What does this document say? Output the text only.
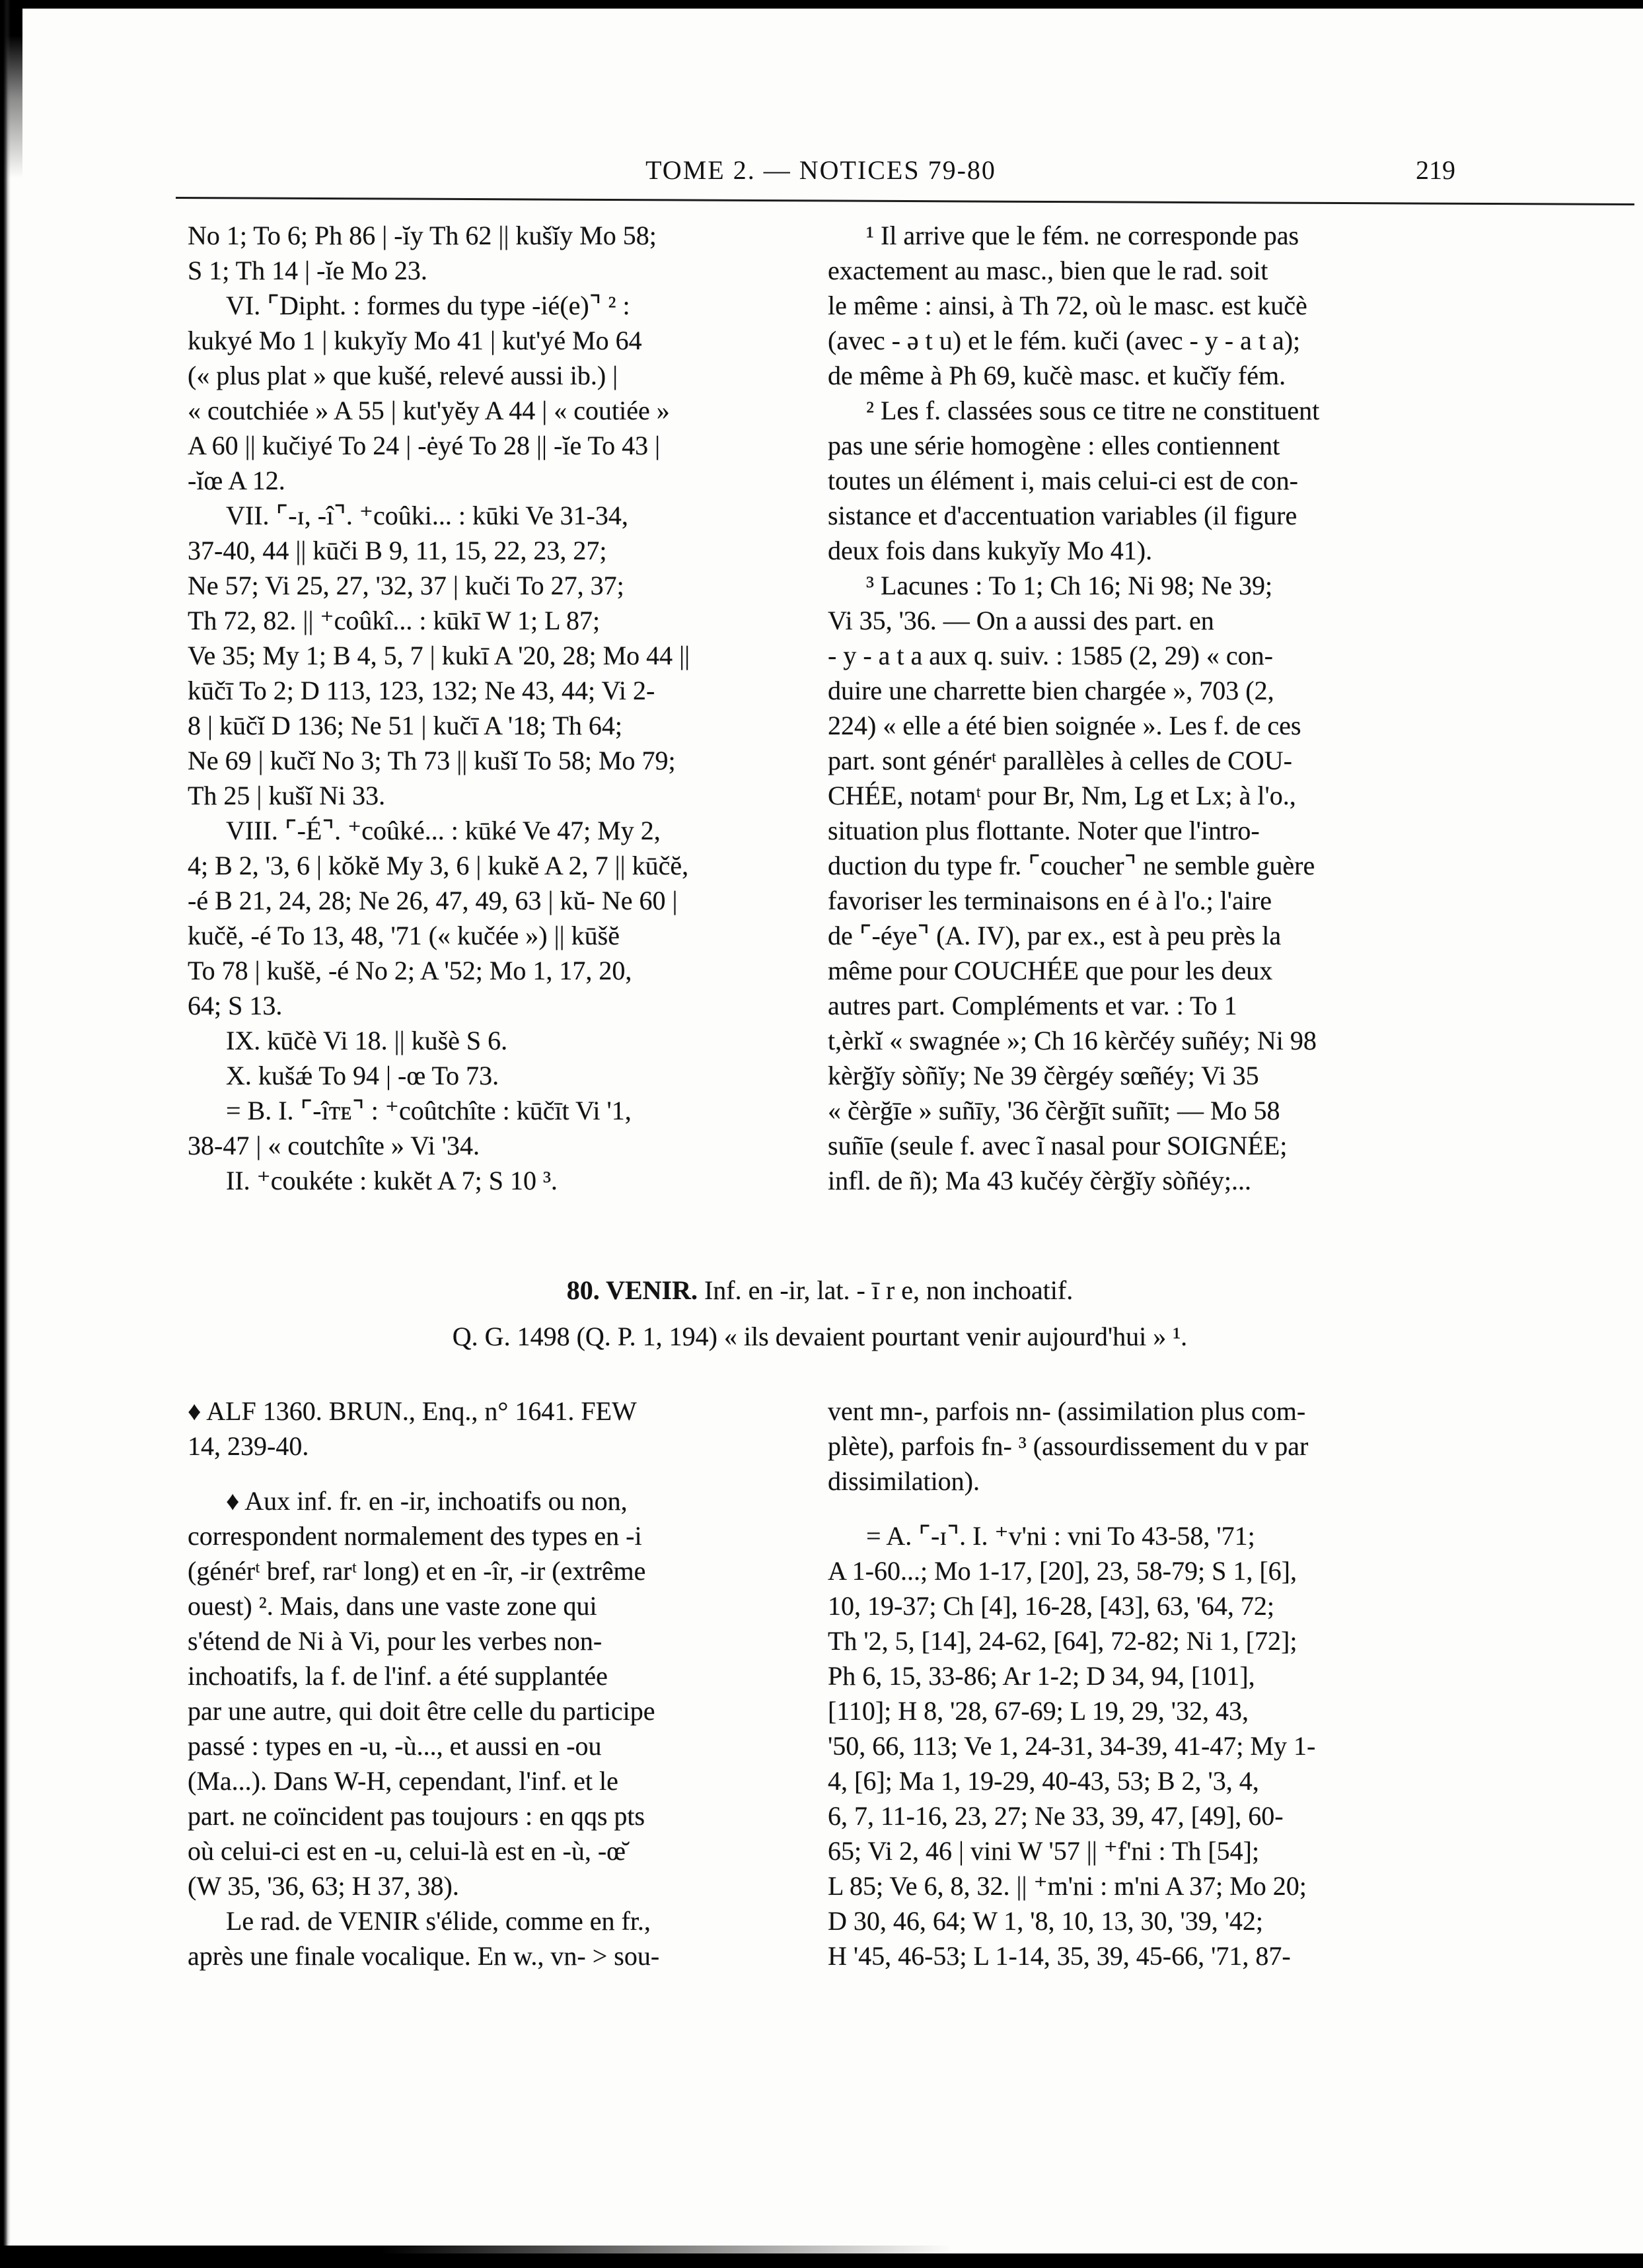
TOME 2. — NOTICES 79-80	219
No 1; To 6; Ph 86 | -ĭy Th 62 || kušĭy Mo 58;
S 1; Th 14 | -ĭe Mo 23.
VI. ⌜Dipht. : formes du type -ié(e)⌝ ² :
kukyé Mo 1 | kukyĭy Mo 41 | kut'yé Mo 64
(« plus plat » que kušé, relevé aussi ib.) |
« coutchiée » A 55 | kut'yĕy A 44 | « coutiée »
A 60 || kučiyé To 24 | -ėyé To 28 || -ĭe To 43 |
-ĭœ A 12.
VII. ⌜-ɪ, -î⌝. ⁺coûki... : kūki Ve 31-34,
37-40, 44 || kūči B 9, 11, 15, 22, 23, 27;
Ne 57; Vi 25, 27, '32, 37 | kuči To 27, 37;
Th 72, 82. || ⁺coûkî... : kūkī W 1; L 87;
Ve 35; My 1; B 4, 5, 7 | kukī A '20, 28; Mo 44 ||
kūčī To 2; D 113, 123, 132; Ne 43, 44; Vi 2-
8 | kūčĭ D 136; Ne 51 | kučī A '18; Th 64;
Ne 69 | kučĭ No 3; Th 73 || kušĭ To 58; Mo 79;
Th 25 | kušĭ Ni 33.
VIII. ⌜-É⌝. ⁺coûké... : kūké Ve 47; My 2,
4; B 2, '3, 6 | kŏkĕ My 3, 6 | kukĕ A 2, 7 || kūčĕ,
-é B 21, 24, 28; Ne 26, 47, 49, 63 | kŭ- Ne 60 |
kučĕ, -é To 13, 48, '71 (« kučée ») || kūšĕ
To 78 | kušĕ, -é No 2; A '52; Mo 1, 17, 20,
64; S 13.
IX. kūčè Vi 18. || kušè S 6.
X. kušǽ To 94 | -œ To 73.
= B. I. ⌜-îᴛᴇ⌝ : ⁺coûtchîte : kūčīt Vi '1,
38-47 | « coutchîte » Vi '34.
II. ⁺coukéte : kukĕt A 7; S 10 ³.
¹ Il arrive que le fém. ne corresponde pas
exactement au masc., bien que le rad. soit
le même : ainsi, à Th 72, où le masc. est kučè
(avec - ə t u) et le fém. kuči (avec - y - a t a);
de même à Ph 69, kučè masc. et kučĭy fém.
² Les f. classées sous ce titre ne constituent
pas une série homogène : elles contiennent
toutes un élément i, mais celui-ci est de con-
sistance et d'accentuation variables (il figure
deux fois dans kukyĭy Mo 41).
³ Lacunes : To 1; Ch 16; Ni 98; Ne 39;
Vi 35, '36. — On a aussi des part. en
- y - a t a aux q. suiv. : 1585 (2, 29) « con-
duire une charrette bien chargée », 703 (2,
224) « elle a été bien soignée ». Les f. de ces
part. sont générᵗ parallèles à celles de COU-
CHÉE, notamᵗ pour Br, Nm, Lg et Lx; à l'o.,
situation plus flottante. Noter que l'intro-
duction du type fr. ⌜coucher⌝ ne semble guère
favoriser les terminaisons en é à l'o.; l'aire
de ⌜-éye⌝ (A. IV), par ex., est à peu près la
même pour COUCHÉE que pour les deux
autres part. Compléments et var. : To 1
t,èrkĭ « swagnée »; Ch 16 kèrčéy suñéy; Ni 98
kèrğĭy sòñĭy; Ne 39 čèrgéy sœñéy; Vi 35
« čèrğīe » suñīy, '36 čèrğīt suñīt; — Mo 58
suñīe (seule f. avec ĩ nasal pour SOIGNÉE;
infl. de ñ); Ma 43 kučéy čèrğĭy sòñéy;...
80. VENIR. Inf. en -ir, lat. - ī r e, non inchoatif.
Q. G. 1498 (Q. P. 1, 194) « ils devaient pourtant venir aujourd'hui » ¹.
♦ ALF 1360. BRUN., Enq., n° 1641. FEW
14, 239-40.
♦ Aux inf. fr. en -ir, inchoatifs ou non,
correspondent normalement des types en -i
(générᵗ bref, rarᵗ long) et en -îr, -ir (extrême
ouest) ². Mais, dans une vaste zone qui
s'étend de Ni à Vi, pour les verbes non-
inchoatifs, la f. de l'inf. a été supplantée
par une autre, qui doit être celle du participe
passé : types en -u, -ù..., et aussi en -ou
(Ma...). Dans W-H, cependant, l'inf. et le
part. ne coïncident pas toujours : en qqs pts
où celui-ci est en -u, celui-là est en -ù, -œ̆
(W 35, '36, 63; H 37, 38).
Le rad. de VENIR s'élide, comme en fr.,
après une finale vocalique. En w., vn- > sou-
vent mn-, parfois nn- (assimilation plus com-
plète), parfois fn- ³ (assourdissement du v par
dissimilation).
= A. ⌜-ɪ⌝. I. ⁺v'ni : vni To 43-58, '71;
A 1-60...; Mo 1-17, [20], 23, 58-79; S 1, [6],
10, 19-37; Ch [4], 16-28, [43], 63, '64, 72;
Th '2, 5, [14], 24-62, [64], 72-82; Ni 1, [72];
Ph 6, 15, 33-86; Ar 1-2; D 34, 94, [101],
[110]; H 8, '28, 67-69; L 19, 29, '32, 43,
'50, 66, 113; Ve 1, 24-31, 34-39, 41-47; My 1-
4, [6]; Ma 1, 19-29, 40-43, 53; B 2, '3, 4,
6, 7, 11-16, 23, 27; Ne 33, 39, 47, [49], 60-
65; Vi 2, 46 | vini W '57 || ⁺f'ni : Th [54];
L 85; Ve 6, 8, 32. || ⁺m'ni : m'ni A 37; Mo 20;
D 30, 46, 64; W 1, '8, 10, 13, 30, '39, '42;
H '45, 46-53; L 1-14, 35, 39, 45-66, '71, 87-
